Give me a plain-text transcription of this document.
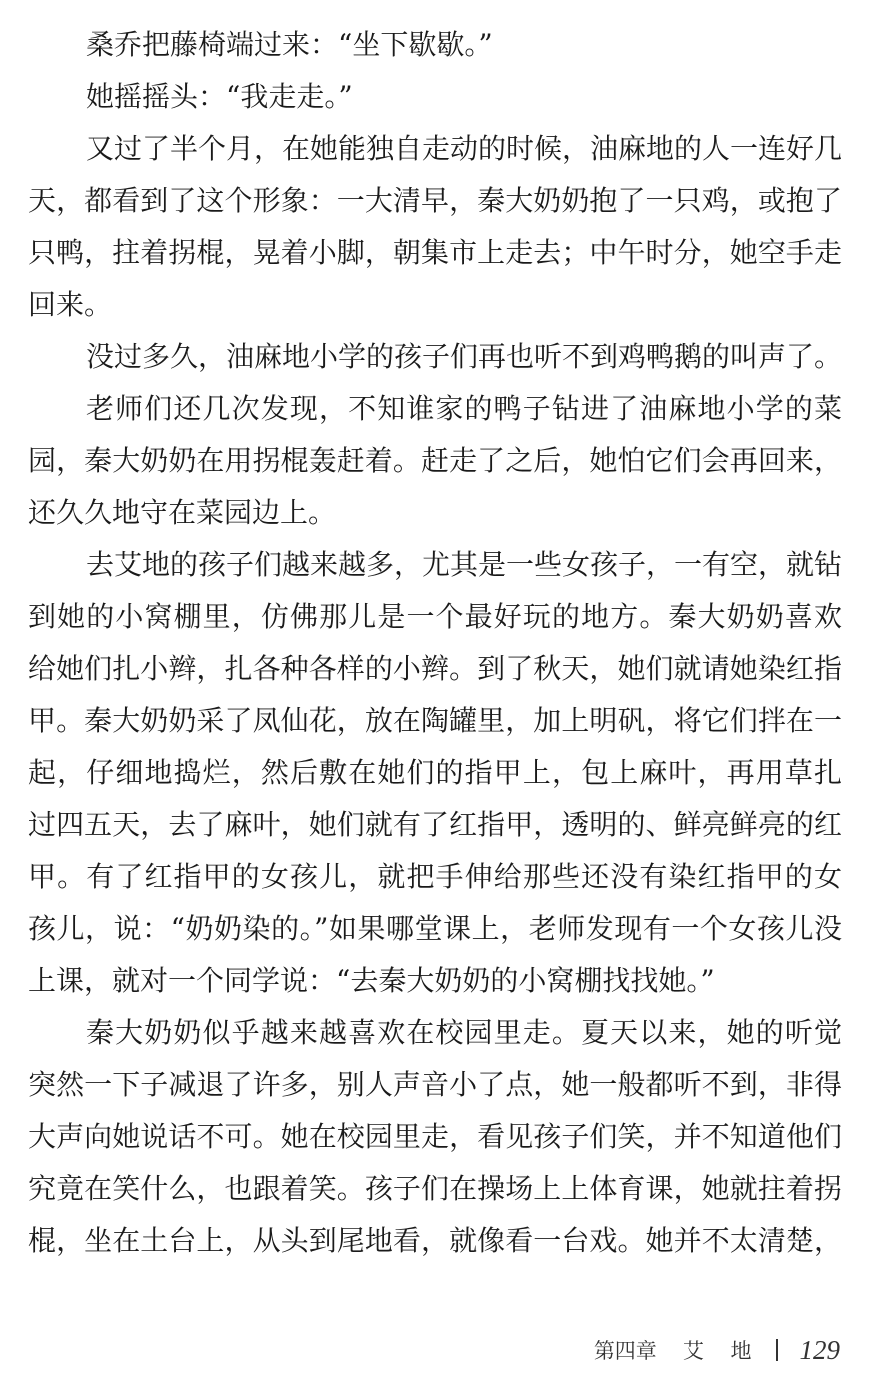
桑乔把藤椅端过来：“坐下歇歇。”
她摇摇头：“我走走。”
又过了半个月，在她能独自走动的时候，油麻地的人一连好几
天，都看到了这个形象：一大清早，秦大奶奶抱了一只鸡，或抱了
只鸭，拄着拐棍，晃着小脚，朝集市上走去；中午时分，她空手走
回来。
没过多久，油麻地小学的孩子们再也听不到鸡鸭鹅的叫声了。
老师们还几次发现，不知谁家的鸭子钻进了油麻地小学的菜
园，秦大奶奶在用拐棍轰赶着。赶走了之后，她怕它们会再回来，
还久久地守在菜园边上。
去艾地的孩子们越来越多，尤其是一些女孩子，一有空，就钻
到她的小窝棚里，仿佛那儿是一个最好玩的地方。秦大奶奶喜欢
给她们扎小辫，扎各种各样的小辫。到了秋天，她们就请她染红指
甲。秦大奶奶采了凤仙花，放在陶罐里，加上明矾，将它们拌在一
起，仔细地捣烂，然后敷在她们的指甲上，包上麻叶，再用草扎
过四五天，去了麻叶，她们就有了红指甲，透明的、鲜亮鲜亮的红
甲。有了红指甲的女孩儿，就把手伸给那些还没有染红指甲的女
孩儿，说：“奶奶染的。”如果哪堂课上，老师发现有一个女孩儿没
上课，就对一个同学说：“去秦大奶奶的小窝棚找找她。”
秦大奶奶似乎越来越喜欢在校园里走。夏天以来，她的听觉
突然一下子减退了许多，别人声音小了点，她一般都听不到，非得
大声向她说话不可。她在校园里走，看见孩子们笑，并不知道他们
究竟在笑什么，也跟着笑。孩子们在操场上上体育课，她就拄着拐
棍，坐在土台上，从头到尾地看，就像看一台戏。她并不太清楚，
第四章 艾 地 129
